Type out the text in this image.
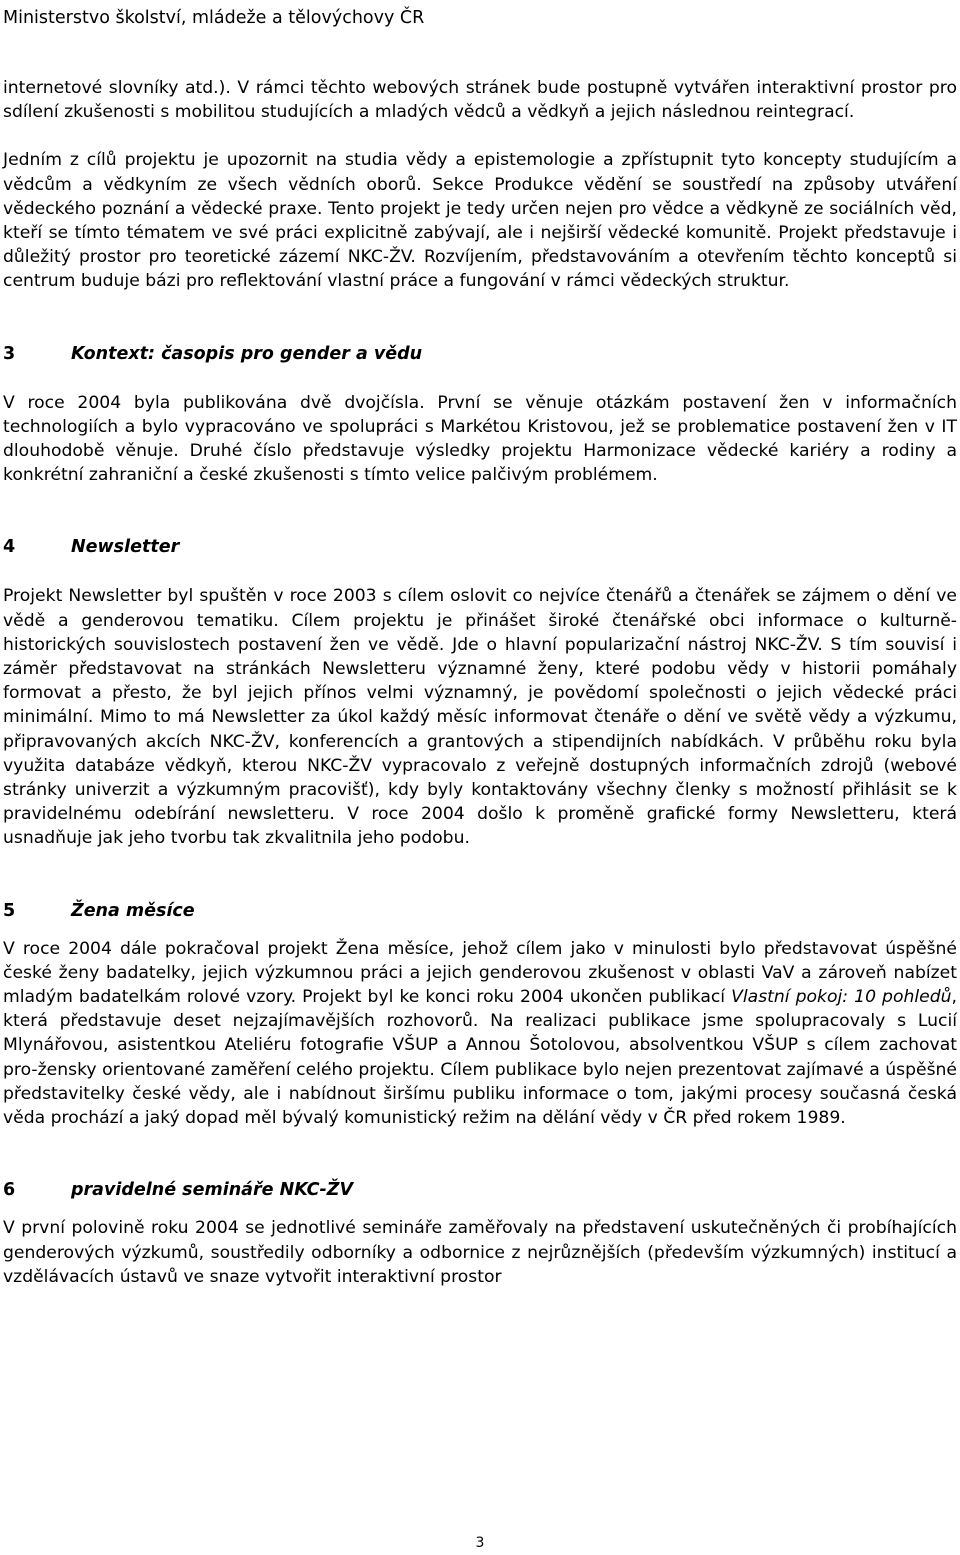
Ministerstvo školství, mládeže a tělovýchovy ČR

internetové slovníky atd.). V rámci těchto webových stránek bude postupně vytvářen interaktivní prostor pro sdílení zkušenosti s mobilitou studujících a mladých vědců a vědkyň a jejich následnou reintegrací.

Jedním z cílů projektu je upozornit na studia vědy a epistemologie a zpřístupnit tyto koncepty studujícím a vědcům a vědkyním ze všech vědních oborů. Sekce Produkce vědění se soustředí na způsoby utváření vědeckého poznání a vědecké praxe. Tento projekt je tedy určen nejen pro vědce a vědkyně ze sociálních věd, kteří se tímto tématem ve své práci explicitně zabývají, ale i nejširší vědecké komunitě. Projekt představuje i důležitý prostor pro teoretické zázemí NKC-ŽV. Rozvíjením, představováním a otevřením těchto konceptů si centrum buduje bázi pro reflektování vlastní práce a fungování v rámci vědeckých struktur.

3	Kontext: časopis pro gender a vědu

V roce 2004 byla publikována dvě dvojčísla. První se věnuje otázkám postavení žen v informačních technologiích a bylo vypracováno ve spolupráci s Markétou Kristovou, jež se problematice postavení žen v IT dlouhodobě věnuje. Druhé číslo představuje výsledky projektu Harmonizace vědecké kariéry a rodiny a konkrétní zahraniční a české zkušenosti s tímto velice palčivým problémem.

4	Newsletter

Projekt Newsletter byl spuštěn v roce 2003 s cílem oslovit co nejvíce čtenářů a čtenářek se zájmem o dění ve vědě a genderovou tematiku. Cílem projektu je přinášet široké čtenářské obci informace o kulturně-historických souvislostech postavení žen ve vědě. Jde o hlavní popularizační nástroj NKC-ŽV. S tím souvisí i záměr představovat na stránkách Newsletteru významné ženy, které podobu vědy v historii pomáhaly formovat a přesto, že byl jejich přínos velmi významný, je povědomí společnosti o jejich vědecké práci minimální. Mimo to má Newsletter za úkol každý měsíc informovat čtenáře o dění ve světě vědy a výzkumu, připravovaných akcích NKC-ŽV, konferencích a grantových a stipendijních nabídkách. V průběhu roku byla využita databáze vědkyň, kterou NKC-ŽV vypracovalo z veřejně dostupných informačních zdrojů (webové stránky univerzit a výzkumným pracovišť), kdy byly kontaktovány všechny členky s možností přihlásit se k pravidelnému odebírání newsletteru. V roce 2004 došlo k proměně grafické formy Newsletteru, která usnadňuje jak jeho tvorbu tak zkvalitnila jeho podobu.

5	Žena měsíce

V roce 2004 dále pokračoval projekt Žena měsíce, jehož cílem jako v minulosti bylo představovat úspěšné české ženy badatelky, jejich výzkumnou práci a jejich genderovou zkušenost v oblasti VaV a zároveň nabízet mladým badatelkám rolové vzory. Projekt byl ke konci roku 2004 ukončen publikací Vlastní pokoj: 10 pohledů, která představuje deset nejzajímavějších rozhovorů. Na realizaci publikace jsme spolupracovaly s Lucií Mlynářovou, asistentkou Ateliéru fotografie VŠUP a Annou Šotolovou, absolventkou VŠUP s cílem zachovat pro-žensky orientované zaměření celého projektu. Cílem publikace bylo nejen prezentovat zajímavé a úspěšné představitelky české vědy, ale i nabídnout širšímu publiku informace o tom, jakými procesy současná česká věda prochází a jaký dopad měl bývalý komunistický režim na dělání vědy v ČR před rokem 1989.

6	pravidelné semináře NKC-ŽV

V první polovině roku 2004 se jednotlivé semináře zaměřovaly na představení uskutečněných či probíhajících genderových výzkumů, soustředily odborníky a odbornice z nejrůznějších (především výzkumných) institucí a vzdělávacích ústavů ve snaze vytvořit interaktivní prostor

3
